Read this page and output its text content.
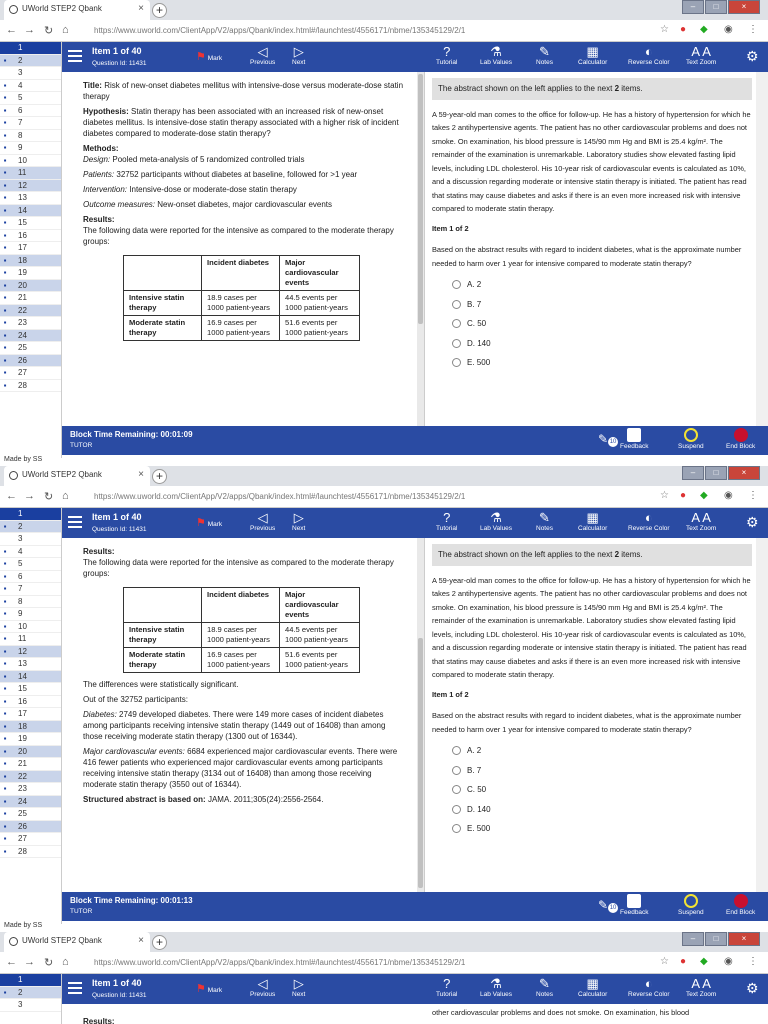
UWorld STEP2 Qbank	× +	–	□	×
← → ↻ ⌂	https://www.uworld.com/ClientApp/V2/apps/Qbank/index.html#/launchtest/4556171/nbme/135345129/2/1	☆ ● ◆ ◉ ⋮
▪	1
▪	2
3
▪	4
▪	5
▪	6
▪	7
▪	8
▪	9
▪	10
▪	11
▪	12
▪	13
▪	14
▪	15
▪	16
▪	17
▪	18
▪	19
▪	20
▪	21
▪	22
▪	23
▪	24
▪	25
▪	26
▪	27
▪	28
Item 1 of 40
Question Id: 11431
⚑ Mark	◁
Previous
▷
Next
?
Tutorial
⚗
Lab Values
✎
Notes
▦
Calculator
◐
Reverse Color
A A
Text Zoom ⚙

Title: Risk of new-onset diabetes mellitus with intensive-dose versus moderate-dose statin therapy

Hypothesis: Statin therapy has been associated with an increased risk of new-onset diabetes mellitus. Is intensive-dose statin therapy associated with a higher risk of incident diabetes compared to moderate-dose statin therapy?

Methods:
Design: Pooled meta-analysis of 5 randomized controlled trials

Patients: 32752 participants without diabetes at baseline, followed for >1 year

Intervention: Intensive-dose or moderate-dose statin therapy

Outcome measures: New-onset diabetes, major cardiovascular events

Results:
The following data were reported for the intensive as compared to the moderate therapy groups:

	Incident diabetes	Major cardiovascular events
Intensive statin therapy	18.9 cases per 1000 patient-years	44.5 events per 1000 patient-years
Moderate statin therapy	16.9 cases per 1000 patient-years	51.6 events per 1000 patient-years
The abstract shown on the left applies to the next 2 items.
A 59-year-old man comes to the office for follow-up. He has a history of hypertension for which he takes 2 antihypertensive agents. The patient has no other cardiovascular problems and does not smoke. On examination, his blood pressure is 145/90 mm Hg and BMI is 25.4 kg/m². The remainder of the examination is unremarkable. Laboratory studies show elevated fasting lipid levels, including LDL cholesterol. His 10-year risk of cardiovascular events is calculated as 10%, and a discussion regarding moderate or intensive statin therapy is initiated. The patient has read that statins may cause diabetes and asks if there is an even more increased risk with intensive compared to moderate statin therapy.
Item 1 of 2
Based on the abstract results with regard to incident diabetes, what is the approximate number needed to harm over 1 year for intensive compared to moderate statin therapy?
A.
2
B.
7
C.
50
D.
140
E.
500
Block Time Remaining: 00:01:09
TUTOR	✎ 10
Feedback	Suspend	End Block
Made by SS
UWorld STEP2 Qbank	× +	–	□	×
← → ↻ ⌂	https://www.uworld.com/ClientApp/V2/apps/Qbank/index.html#/launchtest/4556171/nbme/135345129/2/1	☆ ● ◆ ◉ ⋮
▪	1
▪	2
3
▪	4
▪	5
▪	6
▪	7
▪	8
▪	9
▪	10
▪	11
▪	12
▪	13
▪	14
▪	15
▪	16
▪	17
▪	18
▪	19
▪	20
▪	21
▪	22
▪	23
▪	24
▪	25
▪	26
▪	27
▪	28
Item 1 of 40
Question Id: 11431
⚑ Mark	◁
Previous
▷
Next
?
Tutorial
⚗
Lab Values
✎
Notes
▦
Calculator
◐
Reverse Color
A A
Text Zoom ⚙

Results:
The following data were reported for the intensive as compared to the moderate therapy groups:

	Incident diabetes	Major cardiovascular events
Intensive statin therapy	18.9 cases per 1000 patient-years	44.5 events per 1000 patient-years
Moderate statin therapy	16.9 cases per 1000 patient-years	51.6 events per 1000 patient-years

The differences were statistically significant.

Out of the 32752 participants:

Diabetes: 2749 developed diabetes. There were 149 more cases of incident diabetes among participants receiving intensive statin therapy (1449 out of 16408) than among those receiving moderate statin therapy (1300 out of 16344).

Major cardiovascular events: 6684 experienced major cardiovascular events. There were 416 fewer patients who experienced major cardiovascular events among participants receiving intensive statin therapy (3134 out of 16408) than among those receiving moderate statin therapy (3550 out of 16344).

Structured abstract is based on: JAMA. 2011;305(24):2556-2564.

The abstract shown on the left applies to the next 2 items.
A 59-year-old man comes to the office for follow-up. He has a history of hypertension for which he takes 2 antihypertensive agents. The patient has no other cardiovascular problems and does not smoke. On examination, his blood pressure is 145/90 mm Hg and BMI is 25.4 kg/m². The remainder of the examination is unremarkable. Laboratory studies show elevated fasting lipid levels, including LDL cholesterol. His 10-year risk of cardiovascular events is calculated as 10%, and a discussion regarding moderate or intensive statin therapy is initiated. The patient has read that statins may cause diabetes and asks if there is an even more increased risk with intensive compared to moderate statin therapy.
Item 1 of 2
Based on the abstract results with regard to incident diabetes, what is the approximate number needed to harm over 1 year for intensive compared to moderate statin therapy?
A.
2
B.
7
C.
50
D.
140
E.
500
Block Time Remaining: 00:01:13
TUTOR	✎ 10
Feedback	Suspend	End Block
Made by SS
UWorld STEP2 Qbank	× +	–	□	×
← → ↻ ⌂	https://www.uworld.com/ClientApp/V2/apps/Qbank/index.html#/launchtest/4556171/nbme/135345129/2/1	☆ ● ◆ ◉ ⋮
▪	1
▪	2
3
Item 1 of 40
Question Id: 11431
⚑ Mark	◁
Previous
▷
Next
?
Tutorial
⚗
Lab Values
✎
Notes
▦
Calculator
◐
Reverse Color
A A
Text Zoom ⚙
Results:
other cardiovascular problems and does not smoke. On examination, his blood
